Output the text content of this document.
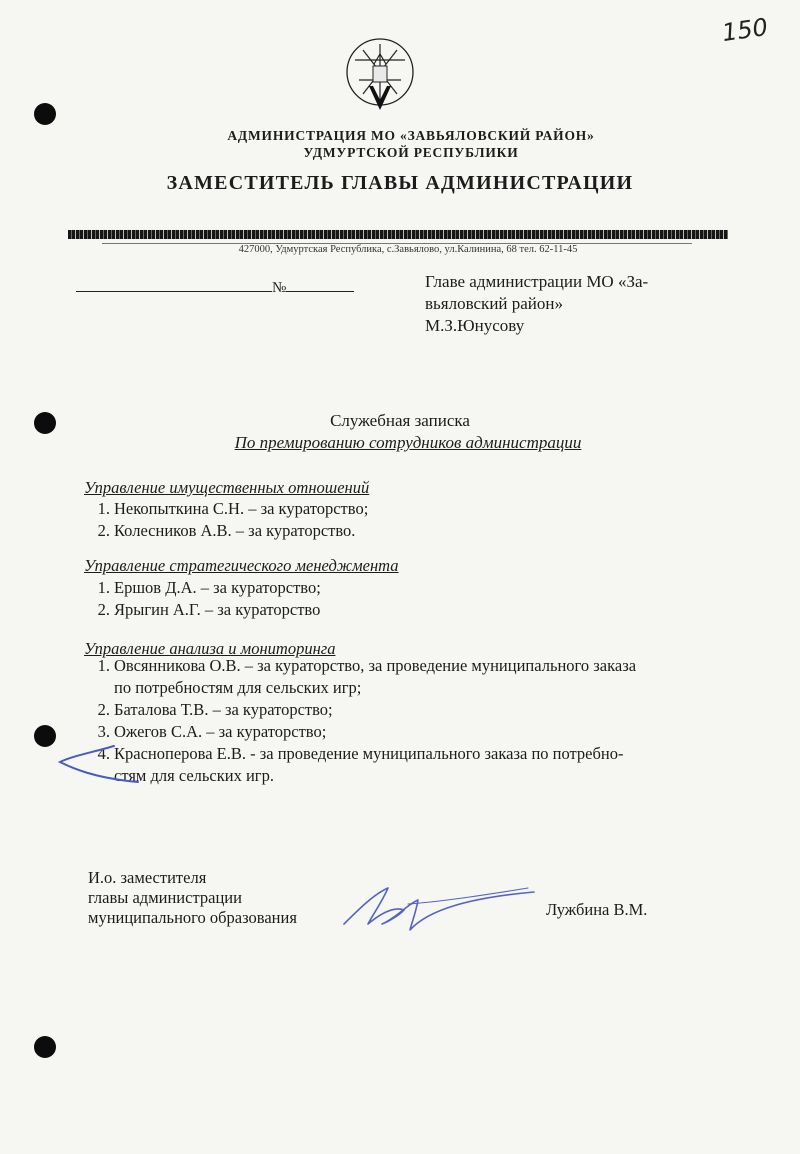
150
АДМИНИСТРАЦИЯ МО «ЗАВЬЯЛОВСКИЙ РАЙОН»
УДМУРТСКОЙ РЕСПУБЛИКИ
ЗАМЕСТИТЕЛЬ ГЛАВЫ АДМИНИСТРАЦИИ
427000, Удмуртская Республика, с.Завьялово, ул.Калинина, 68 тел. 62-11-45
№	Главе администрации МО «За-
вьяловский район»
М.З.Юнусову
Служебная записка
По премированию сотрудников администрации
Управление имущественных отношений
1. Некопыткина С.Н. – за кураторство;
2. Колесников А.В. – за кураторство.
Управление стратегического менеджмента
1. Ершов Д.А. – за кураторство;
2. Ярыгин А.Г. – за кураторство
Управление анализа и мониторинга
1. Овсянникова О.В. – за кураторство, за проведение муниципального заказа
по потребностям для сельских игр;
2. Баталова Т.В. – за кураторство;
3. Ожегов С.А. – за кураторство;
4. Красноперова Е.В. - за проведение муниципального заказа по потребно-
стям для сельских игр.
И.о. заместителя
главы администрации
муниципального образования	Лужбина В.М.
